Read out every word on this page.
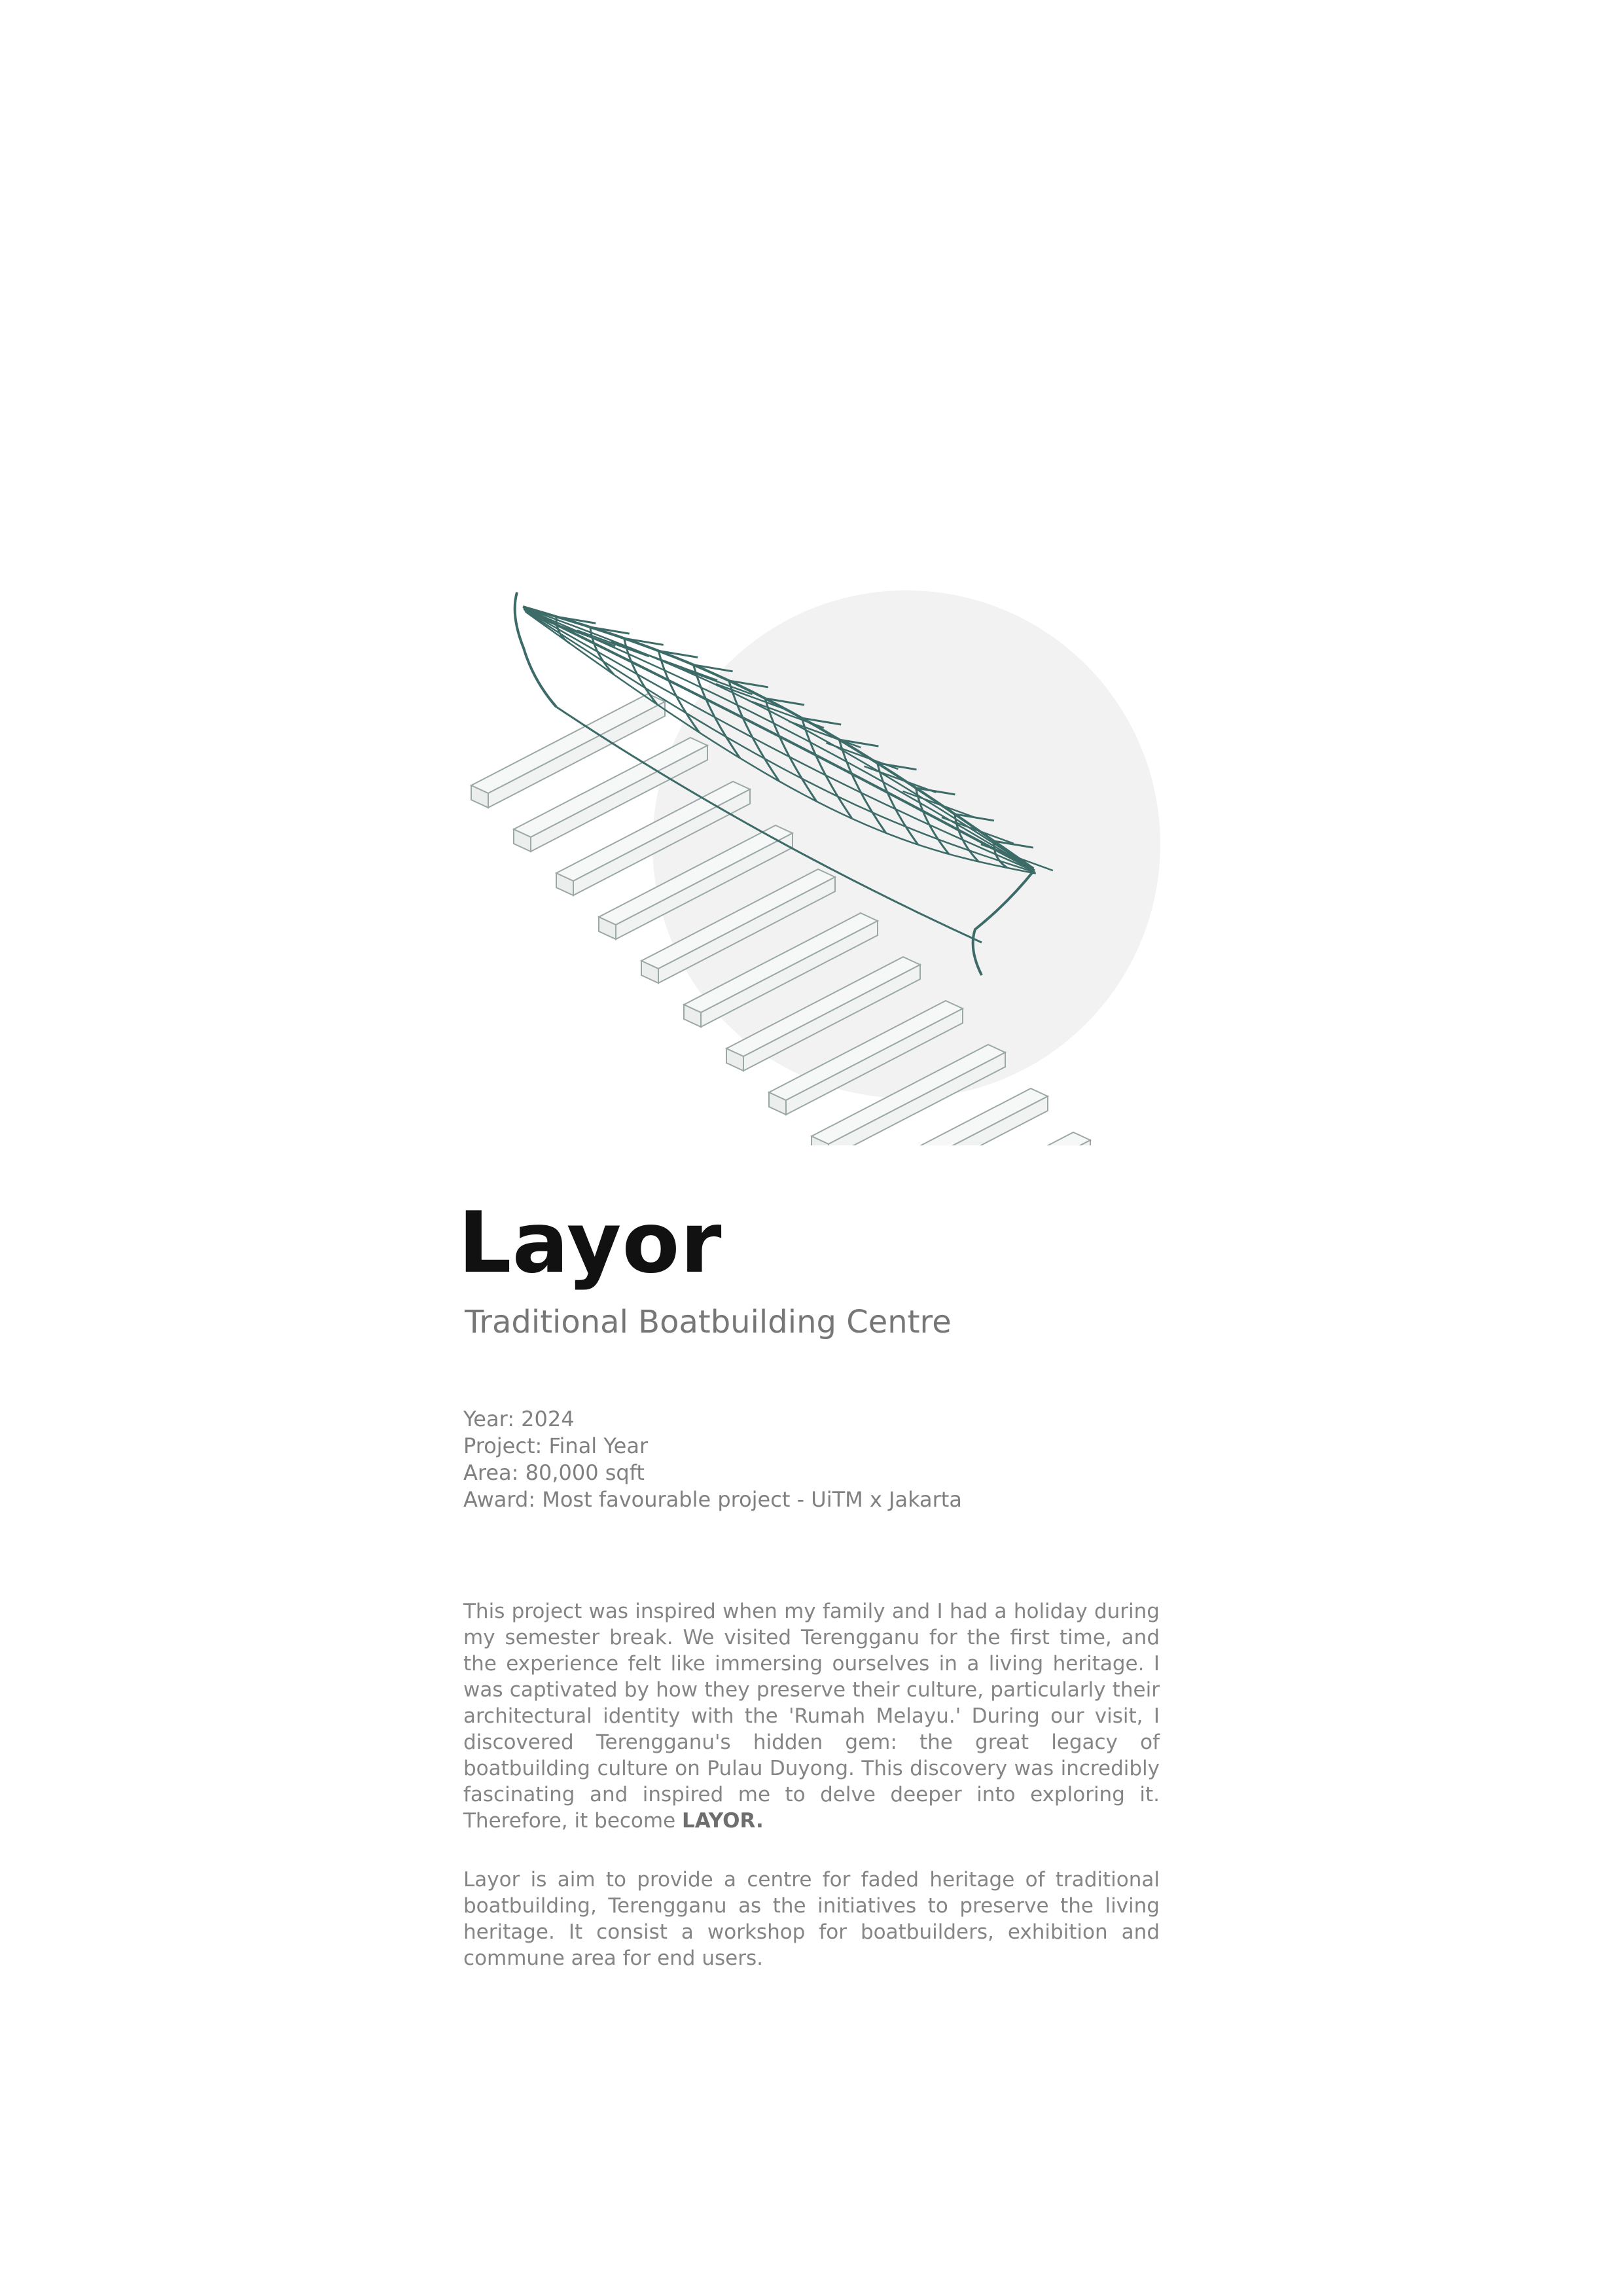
Layor
Traditional Boatbuilding Centre
Year: 2024
Project: Final Year
Area: 80,000 sqft
Award: Most favourable project - UiTM x Jakarta

This project was inspired when my family and I had a holiday during my semester break. We visited Terengganu for the first time, and the experience felt like immersing ourselves in a living heritage. I was captivated by how they preserve their culture, particularly their architectural identity with the 'Rumah Melayu.' During our visit, I discovered Terengganu's hidden gem: the great legacy of boatbuilding culture on Pulau Duyong. This discovery was incredibly fascinating and inspired me to delve deeper into exploring it. Therefore, it become LAYOR.

Layor is aim to provide a centre for faded heritage of traditional boatbuilding, Terengganu as the initiatives to preserve the living heritage. It consist a workshop for boatbuilders, exhibition and commune area for end users.
